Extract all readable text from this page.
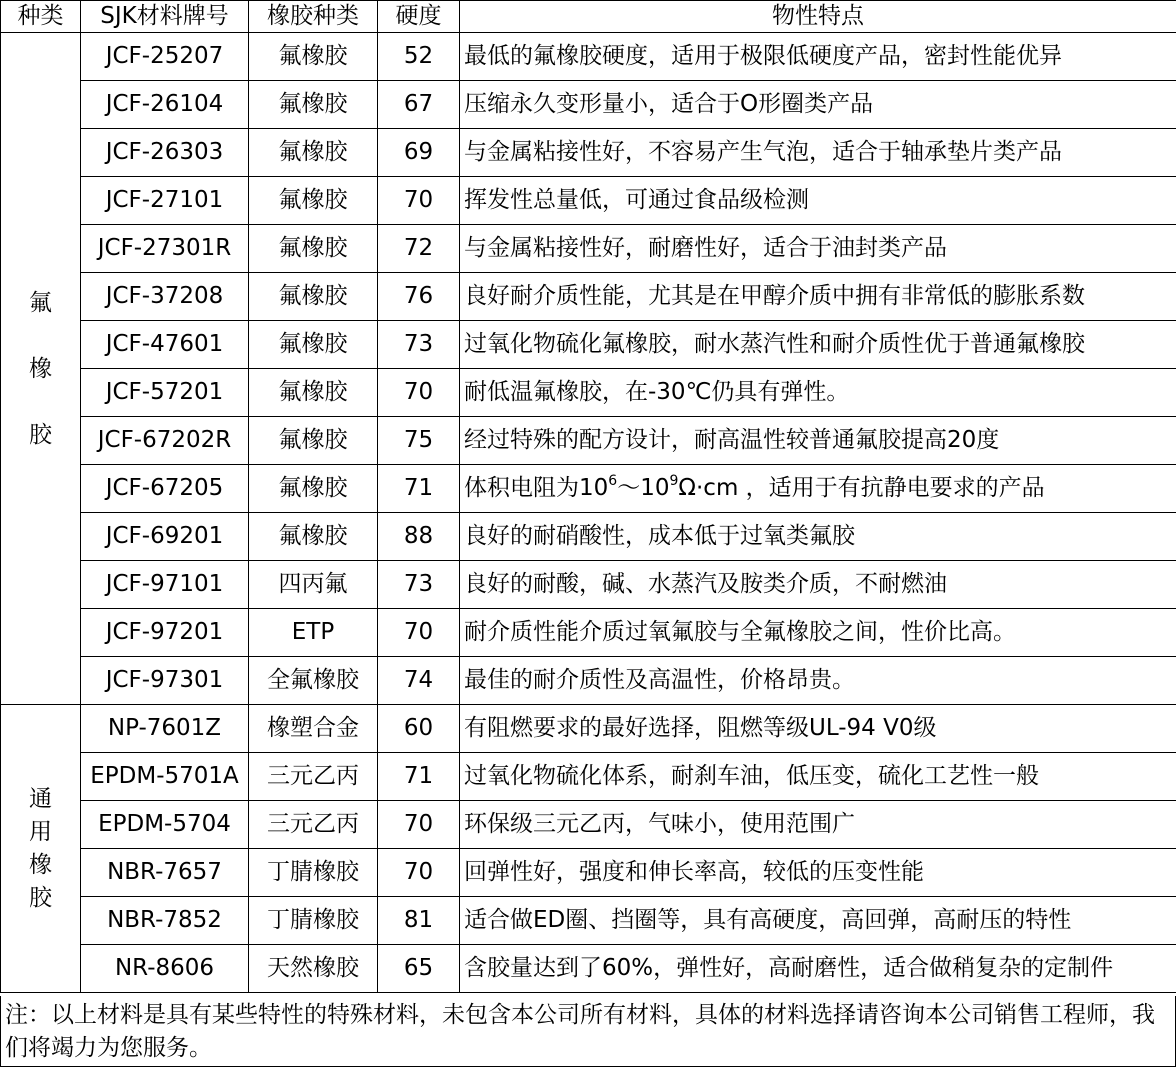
种类	SJK材料牌号	橡胶种类	硬度	物性特点

氟
橡
胶	JCF-25207	氟橡胶	52	最低的氟橡胶硬度，适用于极限低硬度产品，密封性能优异
	JCF-26104	氟橡胶	67	压缩永久变形量小，适合于O形圈类产品
	JCF-26303	氟橡胶	69	与金属粘接性好，不容易产生气泡，适合于轴承垫片类产品
	JCF-27101	氟橡胶	70	挥发性总量低，可通过食品级检测
	JCF-27301R	氟橡胶	72	与金属粘接性好，耐磨性好，适合于油封类产品
	JCF-37208	氟橡胶	76	良好耐介质性能，尤其是在甲醇介质中拥有非常低的膨胀系数
	JCF-47601	氟橡胶	73	过氧化物硫化氟橡胶，耐水蒸汽性和耐介质性优于普通氟橡胶
	JCF-57201	氟橡胶	70	耐低温氟橡胶，在-30℃仍具有弹性。
	JCF-67202R	氟橡胶	75	经过特殊的配方设计，耐高温性较普通氟胶提高20度
	JCF-67205	氟橡胶	71	体积电阻为$10^6\sim 10^9\Omega\cdot cm$ ，适用于有抗静电要求的产品
	JCF-69201	氟橡胶	88	良好的耐硝酸性，成本低于过氧类氟胶
	JCF-97101	四丙氟	73	良好的耐酸，碱、水蒸汽及胺类介质，不耐燃油
	JCF-97201	ETP	70	耐介质性能介质过氧氟胶与全氟橡胶之间，性价比高。
	JCF-97301	全氟橡胶	74	最佳的耐介质性及高温性，价格昂贵。

通
用
橡
胶	NP-7601Z	橡塑合金	60	有阻燃要求的最好选择，阻燃等级UL-94 V0级
	EPDM-5701A	三元乙丙	71	过氧化物硫化体系，耐刹车油，低压变，硫化工艺性一般
	EPDM-5704	三元乙丙	70	环保级三元乙丙，气味小，使用范围广
	NBR-7657	丁腈橡胶	70	回弹性好，强度和伸长率高，较低的压变性能
	NBR-7852	丁腈橡胶	81	适合做ED圈、挡圈等，具有高硬度，高回弹，高耐压的特性
	NR-8606	天然橡胶	65	含胶量达到了60%，弹性好，高耐磨性，适合做稍复杂的定制件
注：以上材料是具有某些特性的特殊材料，未包含本公司所有材料，具体的材料选择请咨询本公司销售工程师，我们将竭力为您服务。
